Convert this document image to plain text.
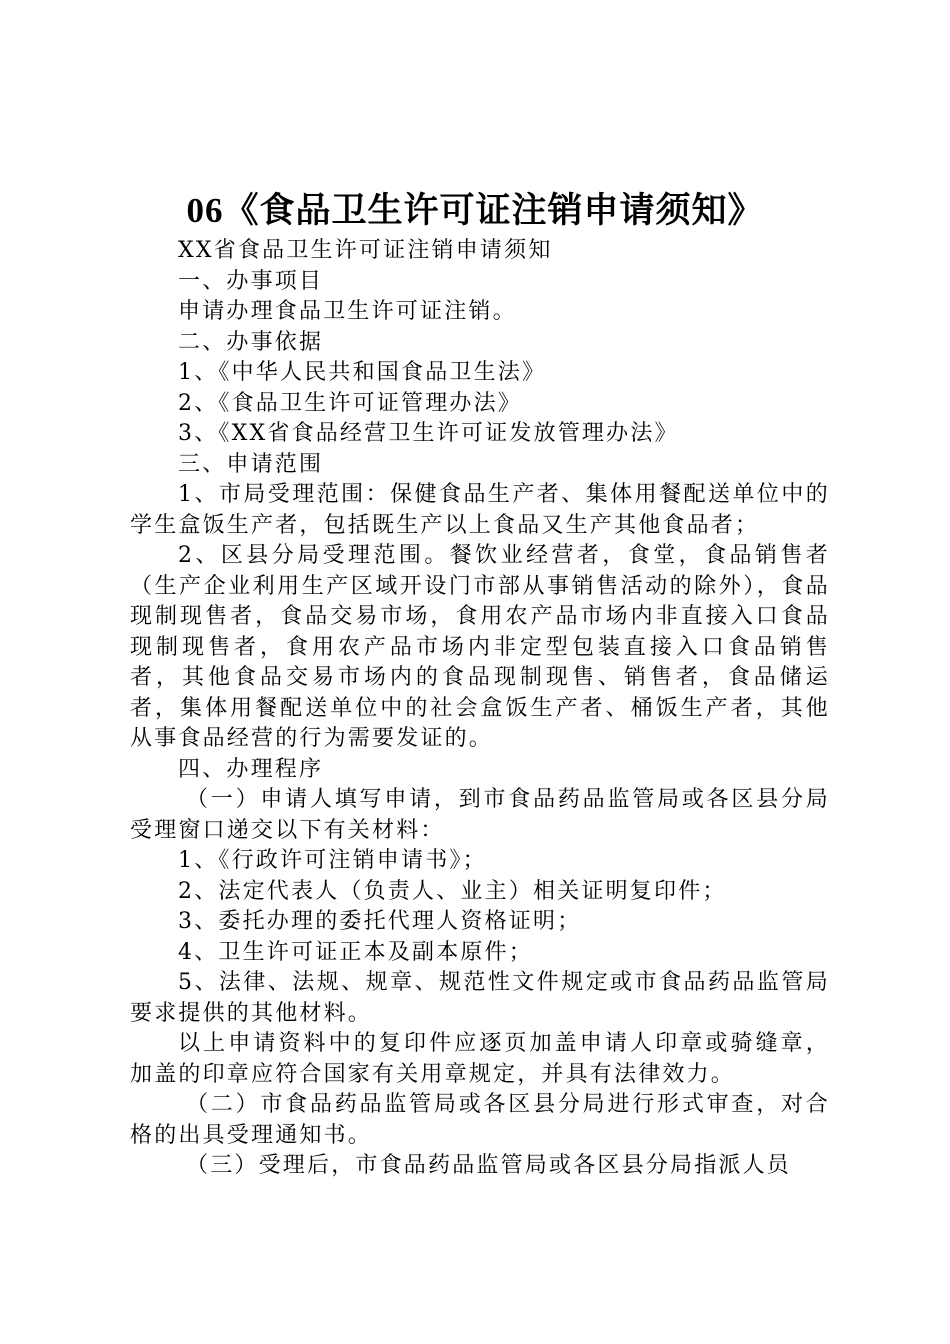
06《食品卫生许可证注销申请须知》

XX省食品卫生许可证注销申请须知

一、办事项目

申请办理食品卫生许可证注销。

二、办事依据

1、《中华人民共和国食品卫生法》

2、《食品卫生许可证管理办法》

3、《XX省食品经营卫生许可证发放管理办法》

三、申请范围

1、市局受理范围：保健食品生产者、集体用餐配送单位中的学生盒饭生产者，包括既生产以上食品又生产其他食品者；

2、区县分局受理范围。餐饮业经营者，食堂，食品销售者（生产企业利用生产区域开设门市部从事销售活动的除外），食品现制现售者，食品交易市场，食用农产品市场内非直接入口食品现制现售者，食用农产品市场内非定型包装直接入口食品销售者，其他食品交易市场内的食品现制现售、销售者，食品储运者，集体用餐配送单位中的社会盒饭生产者、桶饭生产者，其他从事食品经营的行为需要发证的。

四、办理程序

（一）申请人填写申请，到市食品药品监管局或各区县分局受理窗口递交以下有关材料：

1、《行政许可注销申请书》；

2、法定代表人（负责人、业主）相关证明复印件；

3、委托办理的委托代理人资格证明；

4、卫生许可证正本及副本原件；

5、法律、法规、规章、规范性文件规定或市食品药品监管局要求提供的其他材料。

以上申请资料中的复印件应逐页加盖申请人印章或骑缝章，加盖的印章应符合国家有关用章规定，并具有法律效力。

（二）市食品药品监管局或各区县分局进行形式审查，对合格的出具受理通知书。

（三）受理后，市食品药品监管局或各区县分局指派人员
